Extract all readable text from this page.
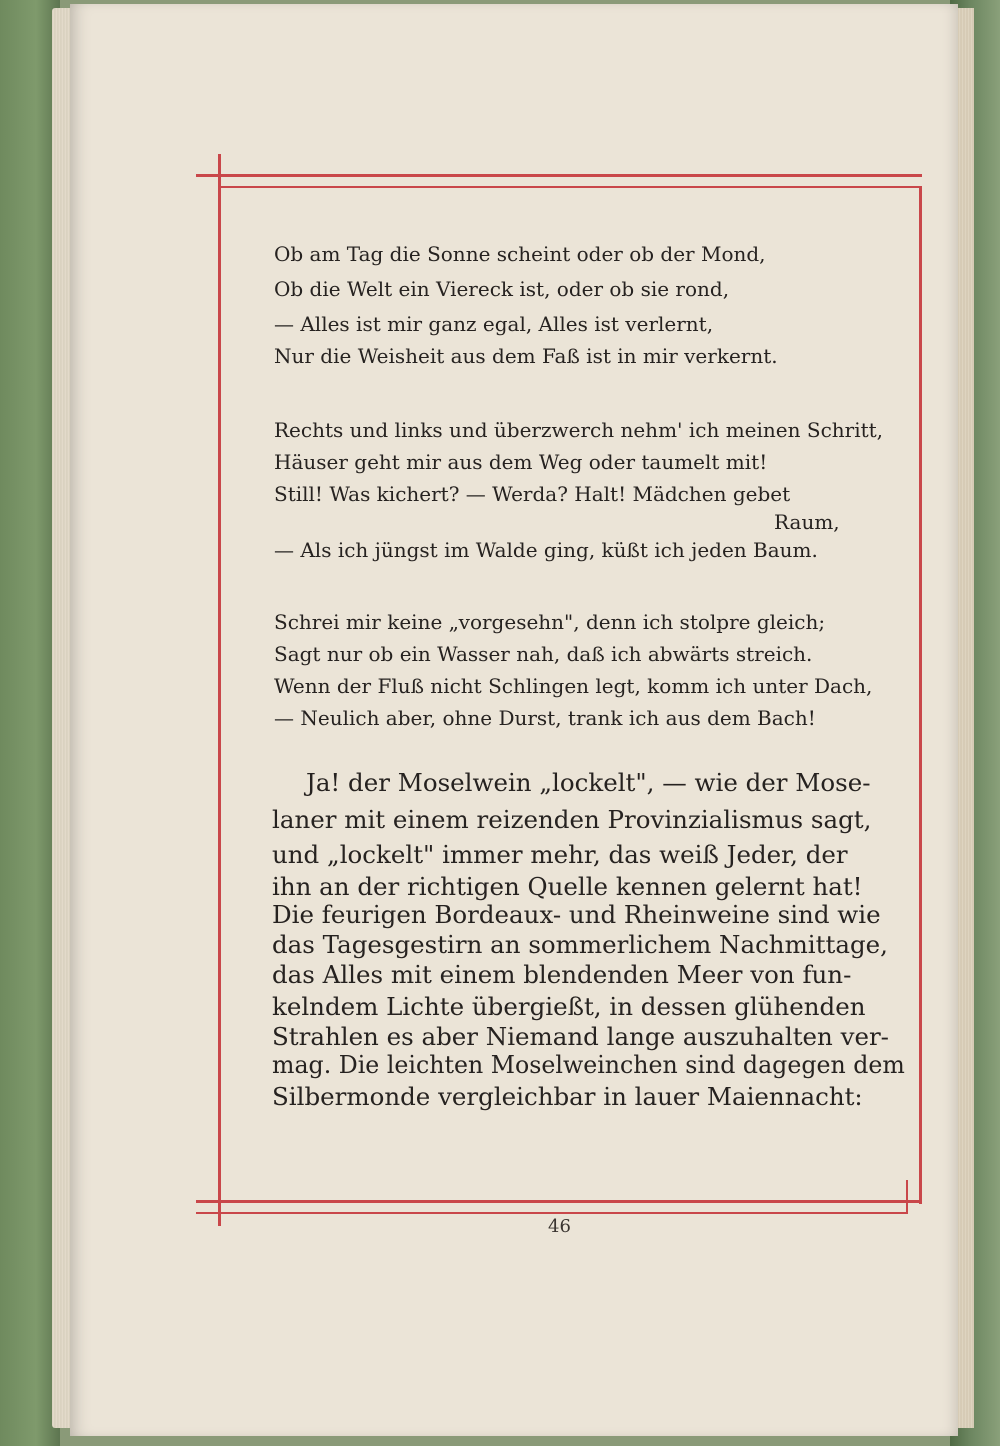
Ob am Tag die Sonne scheint oder ob der Mond,
Ob die Welt ein Viereck ist, oder ob sie rond,
— Alles ist mir ganz egal, Alles ist verlernt,
Nur die Weisheit aus dem Faß ist in mir verkernt.
Rechts und links und überzwerch nehm' ich meinen Schritt,
Häuser geht mir aus dem Weg oder taumelt mit!
Still! Was kichert? — Werda? Halt! Mädchen gebet
Raum,
— Als ich jüngst im Walde ging, küßt ich jeden Baum.
Schrei mir keine „vorgesehn", denn ich stolpre gleich;
Sagt nur ob ein Wasser nah, daß ich abwärts streich.
Wenn der Fluß nicht Schlingen legt, komm ich unter Dach,
— Neulich aber, ohne Durst, trank ich aus dem Bach!
Ja! der Moselwein „lockelt", — wie der Mose-
laner mit einem reizenden Provinzialismus sagt,
und „lockelt" immer mehr, das weiß Jeder, der
ihn an der richtigen Quelle kennen gelernt hat!
Die feurigen Bordeaux- und Rheinweine sind wie
das Tagesgestirn an sommerlichem Nachmittage,
das Alles mit einem blendenden Meer von fun-
kelndem Lichte übergießt, in dessen glühenden
Strahlen es aber Niemand lange auszuhalten ver-
mag. Die leichten Moselweinchen sind dagegen dem
Silbermonde vergleichbar in lauer Maiennacht:
46
